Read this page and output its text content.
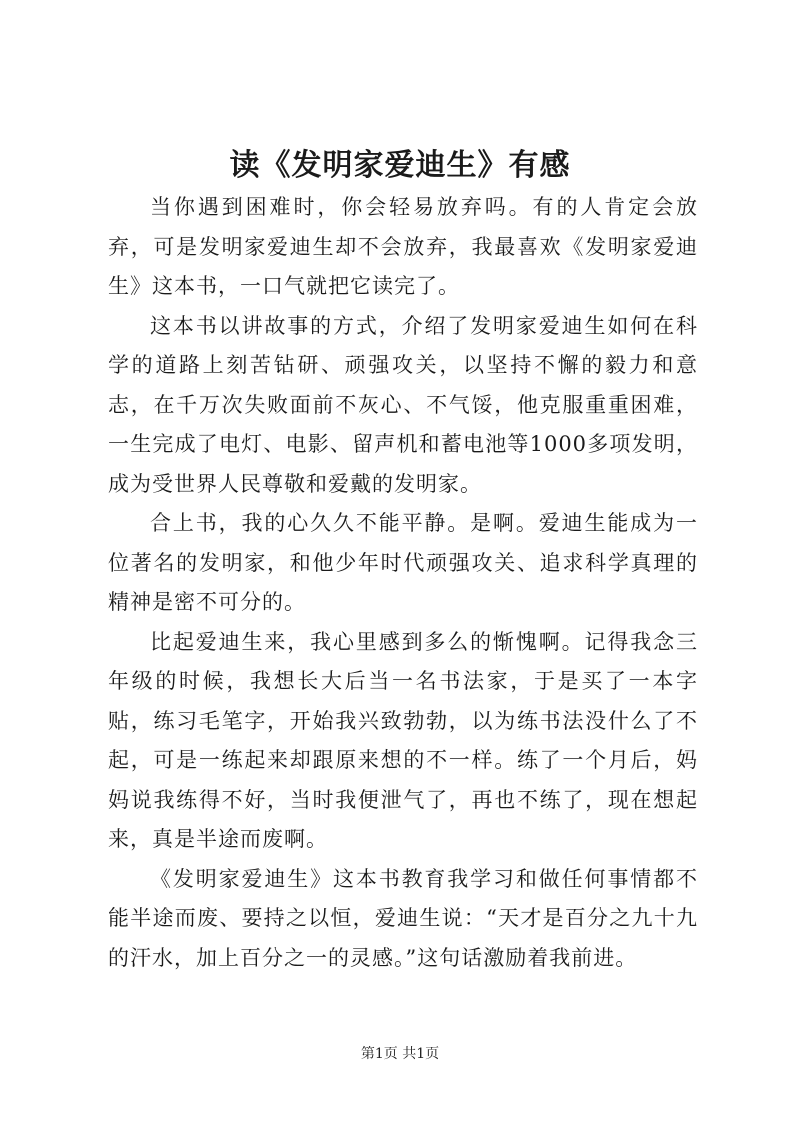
读《发明家爱迪生》有感

当你遇到困难时，你会轻易放弃吗。有的人肯定会放弃，可是发明家爱迪生却不会放弃，我最喜欢《发明家爱迪生》这本书，一口气就把它读完了。

这本书以讲故事的方式，介绍了发明家爱迪生如何在科学的道路上刻苦钻研、顽强攻关，以坚持不懈的毅力和意志，在千万次失败面前不灰心、不气馁，他克服重重困难，一生完成了电灯、电影、留声机和蓄电池等1000多项发明，成为受世界人民尊敬和爱戴的发明家。

合上书，我的心久久不能平静。是啊。爱迪生能成为一位著名的发明家，和他少年时代顽强攻关、追求科学真理的精神是密不可分的。

比起爱迪生来，我心里感到多么的惭愧啊。记得我念三年级的时候，我想长大后当一名书法家，于是买了一本字贴，练习毛笔字，开始我兴致勃勃，以为练书法没什么了不起，可是一练起来却跟原来想的不一样。练了一个月后，妈妈说我练得不好，当时我便泄气了，再也不练了，现在想起来，真是半途而废啊。

《发明家爱迪生》这本书教育我学习和做任何事情都不能半途而废、要持之以恒，爱迪生说：“天才是百分之九十九的汗水，加上百分之一的灵感。”这句话激励着我前进。

第1页 共1页
